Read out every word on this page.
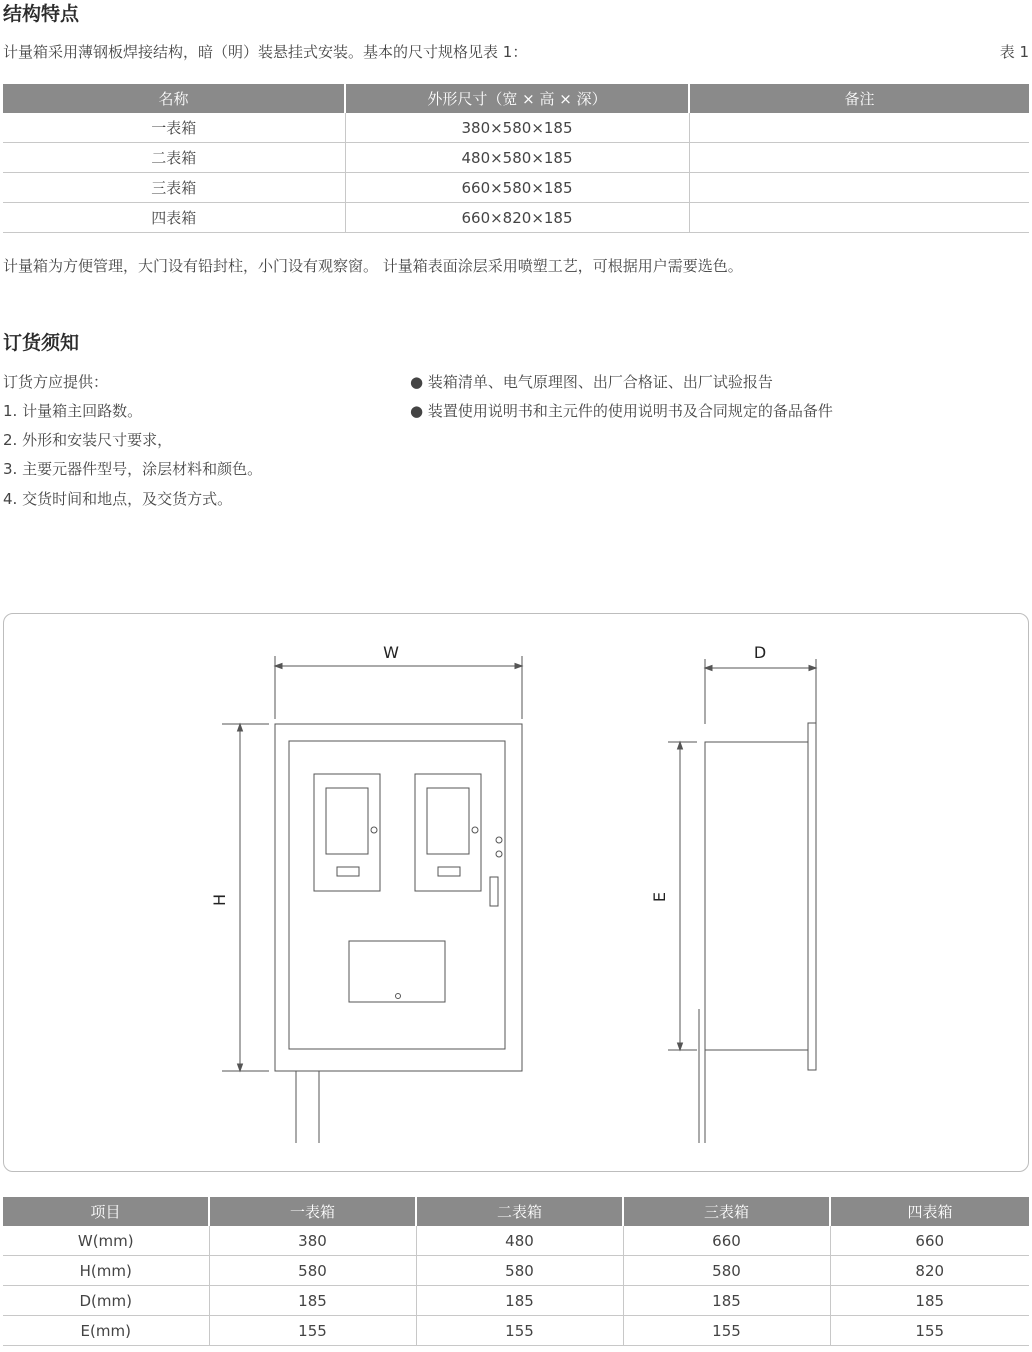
结构特点
计量箱采用薄钢板焊接结构，暗（明）装悬挂式安装。基本的尺寸规格见表 1：	表 1
名称	外形尺寸（宽 × 高 × 深）	备注
一表箱	380×580×185	
二表箱	480×580×185	
三表箱	660×580×185	
四表箱	660×820×185	
计量箱为方便管理，大门设有铅封柱，小门设有观察窗。 计量箱表面涂层采用喷塑工艺，可根据用户需要选色。
订货须知
订货方应提供：
1. 计量箱主回路数。
2. 外形和安装尺寸要求，
3. 主要元器件型号，涂层材料和颜色。
4. 交货时间和地点，及交货方式。
● 装箱清单、电气原理图、出厂合格证、出厂试验报告
● 装置使用说明书和主元件的使用说明书及合同规定的备品备件
W	D
H	E
项目	一表箱	二表箱	三表箱	四表箱
W(mm)	380	480	660	660
H(mm)	580	580	580	820
D(mm)	185	185	185	185
E(mm)	155	155	155	155
